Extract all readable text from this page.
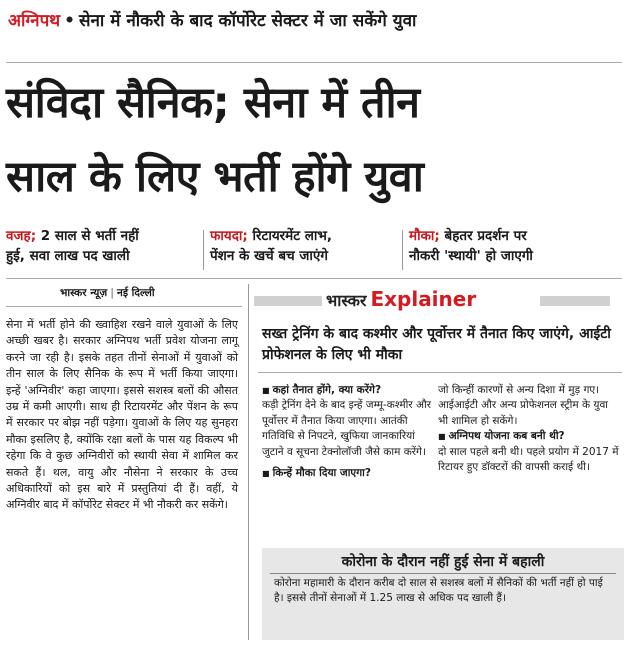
अग्निपथ • सेना में नौकरी के बाद कॉर्पोरेट सेक्टर में जा सकेंगे युवा
संविदा सैनिक; सेना में तीन
साल के लिए भर्ती होंगे युवा
वजह; 2 साल से भर्ती नहीं
हुई, सवा लाख पद खाली
फायदा; रिटायरमेंट लाभ,
पेंशन के खर्चे बच जाएंगे
मौका; बेहतर प्रदर्शन पर
नौकरी 'स्थायी' हो जाएगी
भास्कर न्यूज़ | नई दिल्ली

सेना में भर्ती होने की ख्वाहिश रखने वाले युवाओं के लिए अच्छी खबर है। सरकार अग्निपथ भर्ती प्रवेश योजना लागू करने जा रही है। इसके तहत तीनों सेनाओं में युवाओं को तीन साल के लिए सैनिक के रूप में भर्ती किया जाएगा। इन्हें 'अग्निवीर' कहा जाएगा। इससे सशस्त्र बलों की औसत उम्र में कमी आएगी। साथ ही रिटायरमेंट और पेंशन के रूप में सरकार पर बोझ नहीं पड़ेगा। युवाओं के लिए यह सुनहरा मौका इसलिए है, क्योंकि रक्षा बलों के पास यह विकल्प भी रहेगा कि वे कुछ अग्निवीरों को स्थायी सेवा में शामिल कर सकते हैं। थल, वायु और नौसेना ने सरकार के उच्च अधिकारियों को इस बारे में प्रस्तुतियां दी हैं। वहीं, ये अग्निवीर बाद में कॉर्पोरेट सेक्टर में भी नौकरी कर सकेंगे।

भास्कर Explainer
सख्त ट्रेनिंग के बाद कश्मीर और पूर्वोत्तर में तैनात किए जाएंगे, आईटी प्रोफेशनल के लिए भी मौका

■ कहां तैनात होंगे, क्या करेंगे?

कड़ी ट्रेनिंग देने के बाद इन्हें जम्मू-कश्मीर और पूर्वोत्तर में तैनात किया जाएगा। आतंकी गतिविधि से निपटने, खुफिया जानकारियां जुटाने व सूचना टेक्नोलॉजी जैसे काम करेंगे।

■ किन्हें मौका दिया जाएगा?

जो किन्हीं कारणों से अन्य दिशा में मुड़ गए। आईआईटी और अन्य प्रोफेशनल स्ट्रीम के युवा भी शामिल हो सकेंगे।

■ अग्निपथ योजना कब बनी थी?

दो साल पहले बनी थी। पहले प्रयोग में 2017 में रिटायर हुए डॉक्टरों की वापसी कराई थी।

कोरोना के दौरान नहीं हुई सेना में बहाली
कोरोना महामारी के दौरान करीब दो साल से सशस्त्र बलों में सैनिकों की भर्ती नहीं हो पाई है। इससे तीनों सेनाओं में 1.25 लाख से अधिक पद खाली हैं।
